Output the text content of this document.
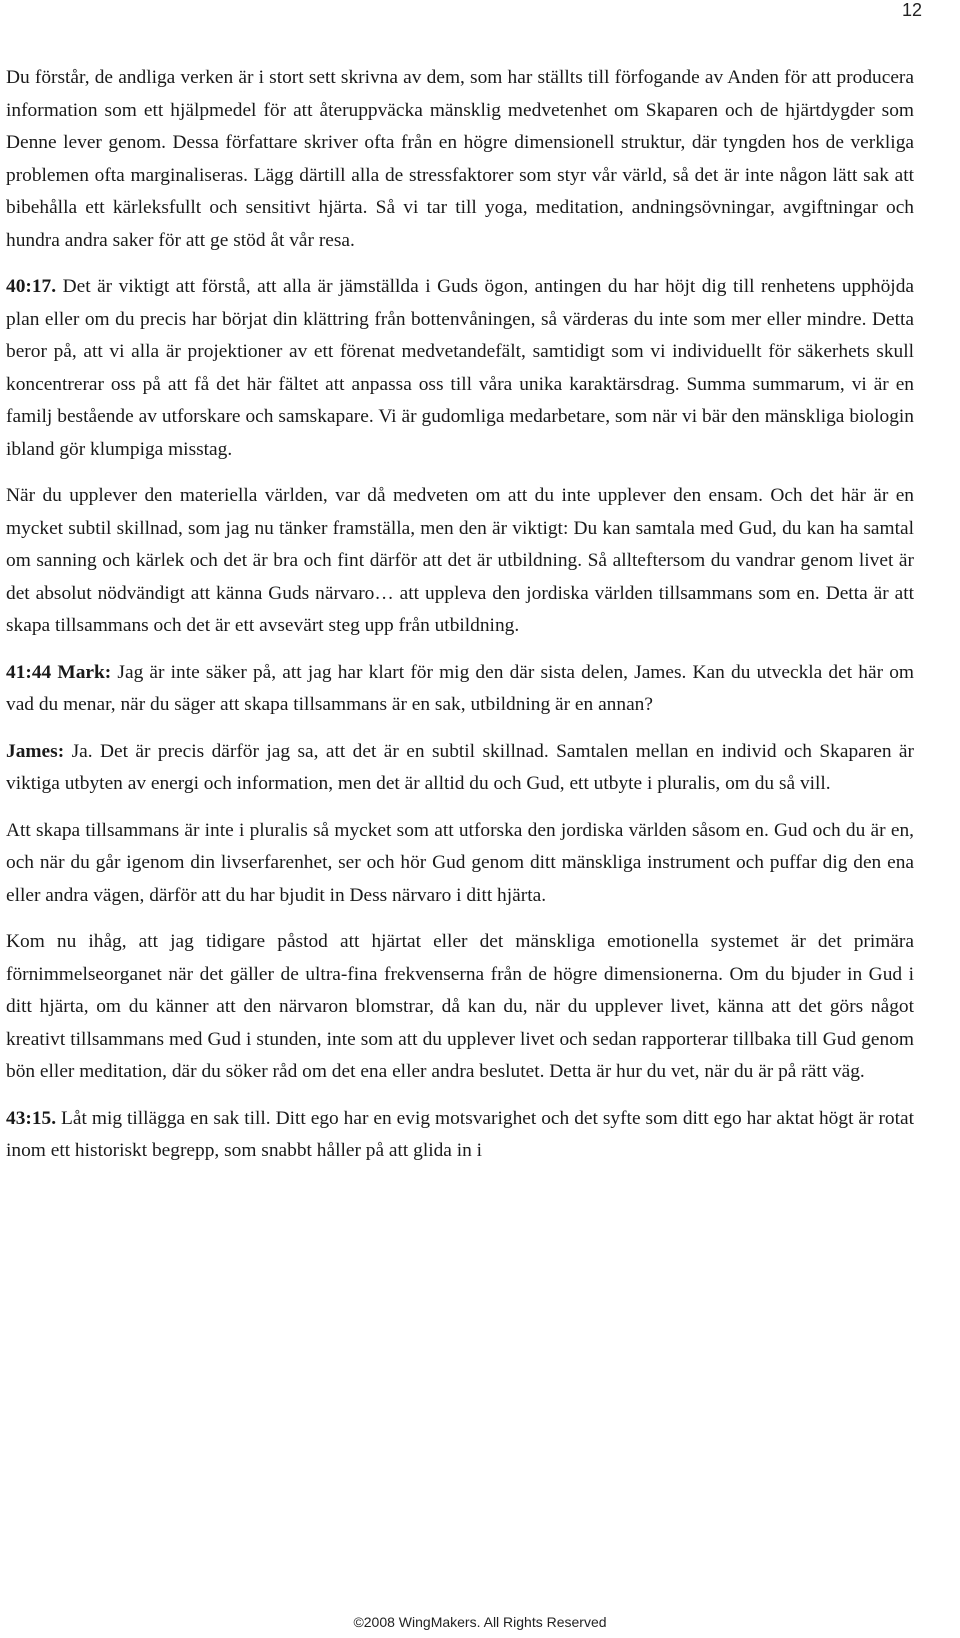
12

Du förstår, de andliga verken är i stort sett skrivna av dem, som har ställts till förfogande av Anden för att producera information som ett hjälpmedel för att återuppväcka mänsklig medvetenhet om Skaparen och de hjärtdygder som Denne lever genom. Dessa författare skriver ofta från en högre dimensionell struktur, där tyngden hos de verkliga problemen ofta marginaliseras. Lägg därtill alla de stressfaktorer som styr vår värld, så det är inte någon lätt sak att bibehålla ett kärleksfullt och sensitivt hjärta. Så vi tar till yoga, meditation, andningsövningar, avgiftningar och hundra andra saker för att ge stöd åt vår resa.

40:17. Det är viktigt att förstå, att alla är jämställda i Guds ögon, antingen du har höjt dig till renhetens upphöjda plan eller om du precis har börjat din klättring från bottenvåningen, så värderas du inte som mer eller mindre. Detta beror på, att vi alla är projektioner av ett förenat medvetandefält, samtidigt som vi individuellt för säkerhets skull koncentrerar oss på att få det här fältet att anpassa oss till våra unika karaktärsdrag. Summa summarum, vi är en familj bestående av utforskare och samskapare. Vi är gudomliga medarbetare, som när vi bär den mänskliga biologin ibland gör klumpiga misstag.

När du upplever den materiella världen, var då medveten om att du inte upplever den ensam. Och det här är en mycket subtil skillnad, som jag nu tänker framställa, men den är viktigt: Du kan samtala med Gud, du kan ha samtal om sanning och kärlek och det är bra och fint därför att det är utbildning. Så allteftersom du vandrar genom livet är det absolut nödvändigt att känna Guds närvaro… att uppleva den jordiska världen tillsammans som en. Detta är att skapa tillsammans och det är ett avsevärt steg upp från utbildning.

41:44 Mark: Jag är inte säker på, att jag har klart för mig den där sista delen, James. Kan du utveckla det här om vad du menar, när du säger att skapa tillsammans är en sak, utbildning är en annan?

James: Ja. Det är precis därför jag sa, att det är en subtil skillnad. Samtalen mellan en individ och Skaparen är viktiga utbyten av energi och information, men det är alltid du och Gud, ett utbyte i pluralis, om du så vill.

Att skapa tillsammans är inte i pluralis så mycket som att utforska den jordiska världen såsom en. Gud och du är en, och när du går igenom din livserfarenhet, ser och hör Gud genom ditt mänskliga instrument och puffar dig den ena eller andra vägen, därför att du har bjudit in Dess närvaro i ditt hjärta.

Kom nu ihåg, att jag tidigare påstod att hjärtat eller det mänskliga emotionella systemet är det primära förnimmelseorganet när det gäller de ultra-fina frekvenserna från de högre dimensionerna. Om du bjuder in Gud i ditt hjärta, om du känner att den närvaron blomstrar, då kan du, när du upplever livet, känna att det görs något kreativt tillsammans med Gud i stunden, inte som att du upplever livet och sedan rapporterar tillbaka till Gud genom bön eller meditation, där du söker råd om det ena eller andra beslutet. Detta är hur du vet, när du är på rätt väg.

43:15. Låt mig tillägga en sak till. Ditt ego har en evig motsvarighet och det syfte som ditt ego har aktat högt är rotat inom ett historiskt begrepp, som snabbt håller på att glida in i

©2008 WingMakers. All Rights Reserved
